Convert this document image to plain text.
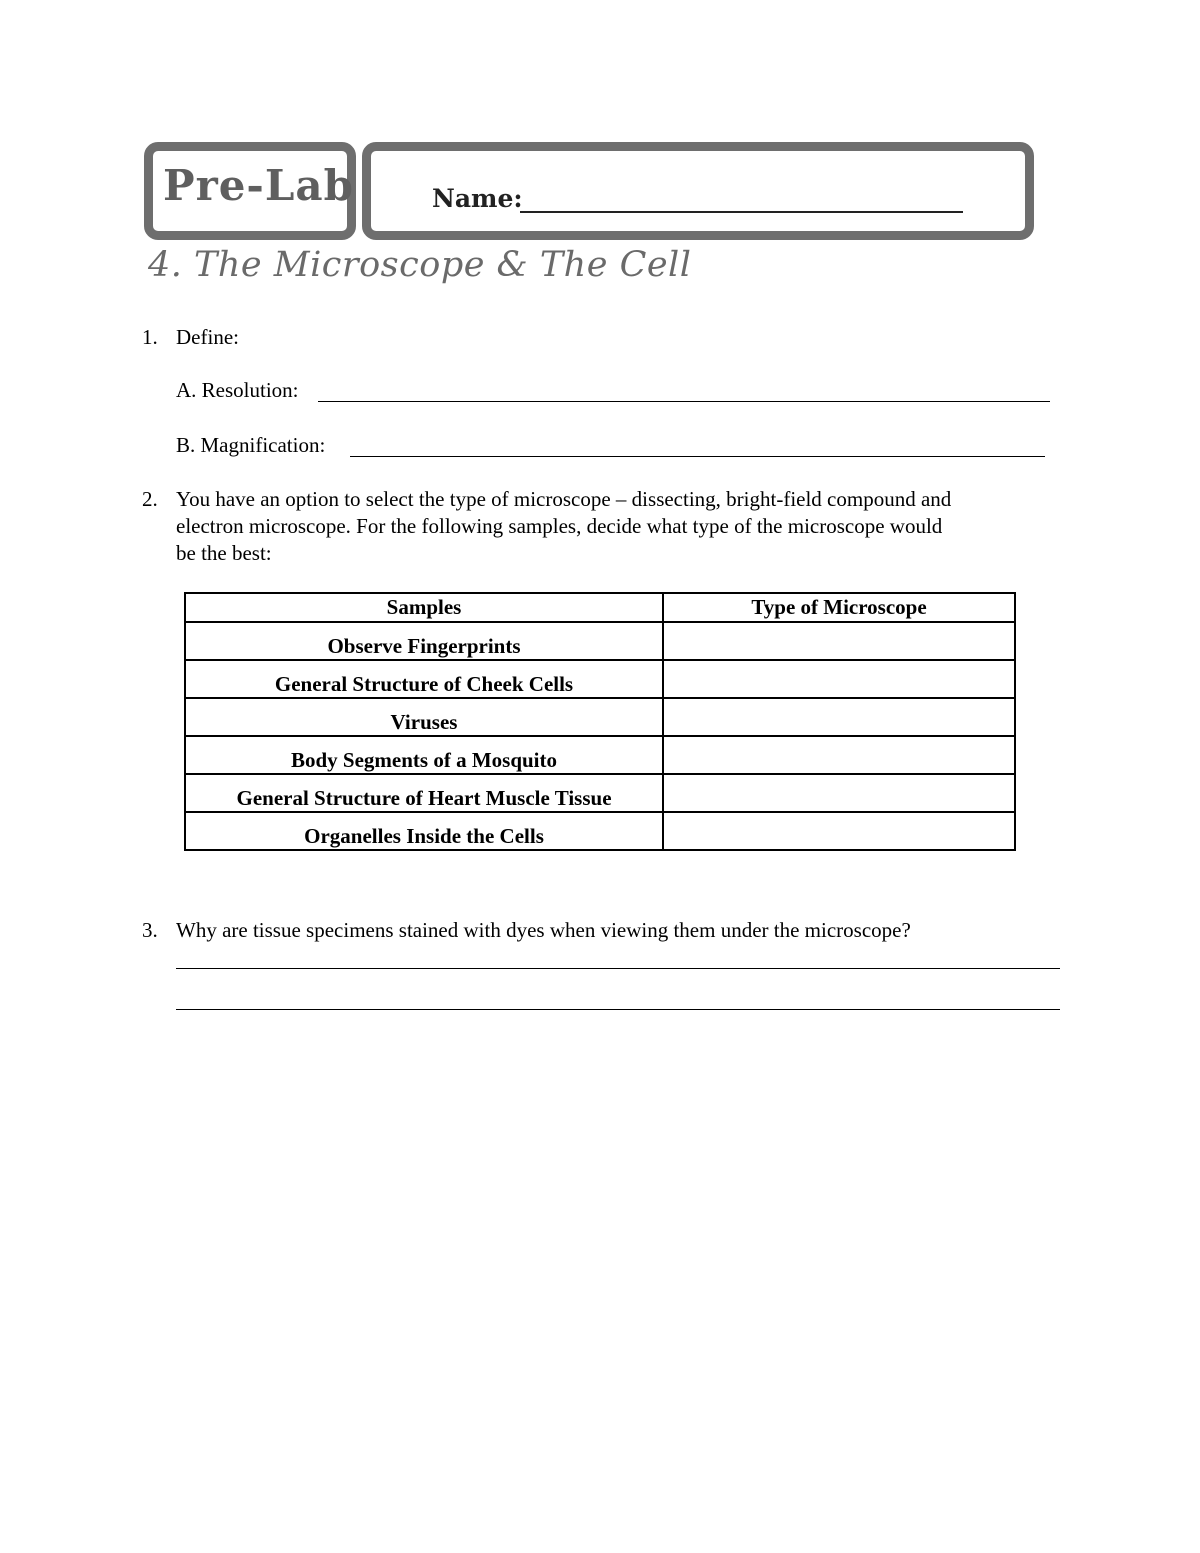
Pre-Lab	Name:
4. The Microscope & The Cell
1. Define:
A. Resolution:
B. Magnification:
2. You have an option to select the type of microscope – dissecting, bright-field compound and
electron microscope. For the following samples, decide what type of the microscope would
be the best:
Samples	Type of Microscope
Observe Fingerprints	
General Structure of Cheek Cells	
Viruses	
Body Segments of a Mosquito	
General Structure of Heart Muscle Tissue	
Organelles Inside the Cells	
3. Why are tissue specimens stained with dyes when viewing them under the microscope?
